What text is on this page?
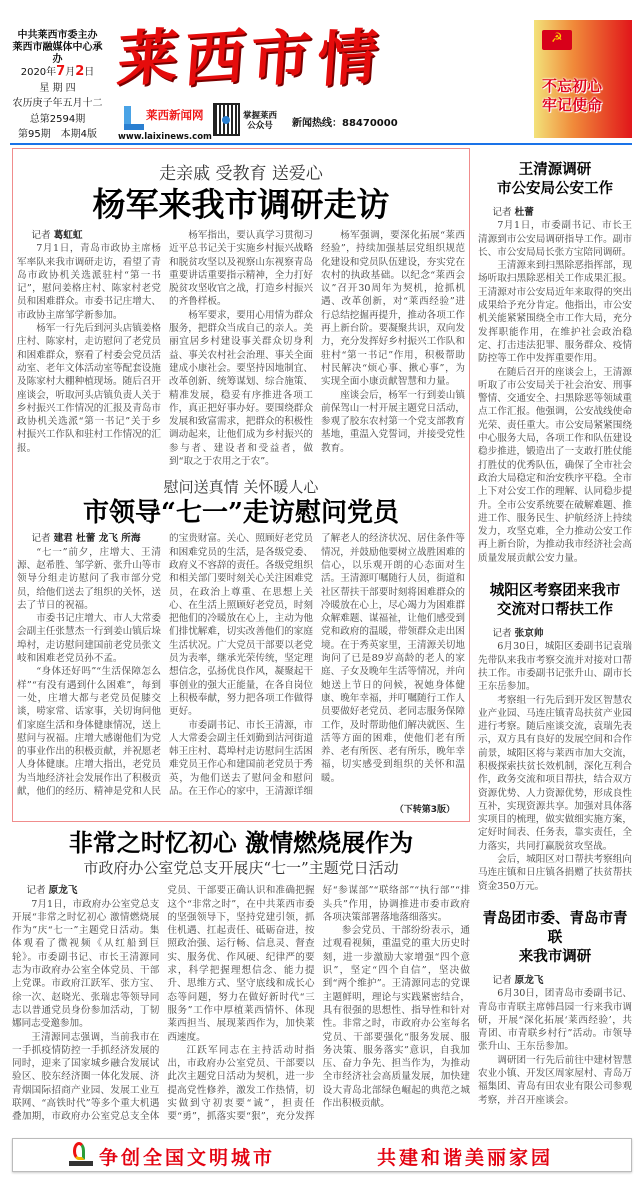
中共莱西市委主办
莱西市融媒体中心承办
2020年7月2日
星 期 四
农历庚子年五月十二
总第2594期
第95期　本期4版
莱 西 市 情
莱西新闻网
www.laixinews.com
掌握莱西
公众号	新闻热线：88470000
☭
不忘初心
牢记使命
走亲戚 受教育 送爱心
杨军来我市调研走访

记者 葛虹虹

7月1日，青岛市政协主席杨军率队来我市调研走访，看望了青岛市政协机关选派驻村“第一书记”，慰问姜格庄村、陈家村老党员和困难群众。市委书记庄增大、市政协主席邹学新参加。

杨军一行先后到河头店镇姜格庄村、陈家村，走访慰问了老党员和困难群众，察看了村委会党员活动室、老年文体活动室等配套设施及陈家村大棚种植现场。随后召开座谈会，听取河头店镇负责人关于乡村振兴工作情况的汇报及青岛市政协机关选派“第一书记”关于乡村振兴工作队和驻村工作情况的汇报。

杨军指出，要认真学习贯彻习近平总书记关于实施乡村振兴战略和脱贫攻坚以及视察山东视察青岛重要讲话重要指示精神，全力打好脱贫攻坚收官之战，打造乡村振兴的齐鲁样板。

杨军要求，要用心用情为群众服务，把群众当成自己的亲人。美丽宜居乡村建设事关群众切身利益、事关农村社会治理、事关全面建成小康社会。要坚持因地制宜、改革创新、统筹谋划、综合施策、精准发展，稳妥有序推进各项工作，真正把好事办好。要围绕群众发展和致富需求，把群众的积极性调动起来，让他们成为乡村振兴的参与者、建设者和受益者，做到“取之于农用之于农”。

杨军强调，要深化拓展“莱西经验”，持续加强基层党组织规范化建设和党员队伍建设，夯实党在农村的执政基础。以纪念“莱西会议”召开30周年为契机，抢抓机遇、改革创新，对“莱西经验”进行总结挖掘再提升，推动各项工作再上新台阶。要凝聚共识，双向发力，充分发挥好乡村振兴工作队和驻村“第一书记”作用，积极帮助村民解决“烦心事、揪心事”，为实现全面小康贡献智慧和力量。

座谈会后，杨军一行到姜山镇前保驾山一村开展主题党日活动，参观了胶东农村第一个党支部教育基地，重温入党誓词，并接受党性教育。

慰问送真情 关怀暖人心
市领导“七一”走访慰问党员

记者 建君 杜蕾 龙飞 所海

“七一”前夕，庄增大、王清源、赵希胜、邹学新、张升山等市领导分组走访慰问了我市部分党员，给他们送去了组织的关怀，送去了节日的祝福。

市委书记庄增大、市人大常委会副主任张慧杰一行到姜山镇后垛埠村，走访慰问建国前老党员张文岐和困难老党员孙不孟。

“身体还好吗”“生活保障怎么样”“有没有遇到什么困难”，每到一处，庄增大都与老党员促膝交谈，唠家常、话家事，关切询问他们家庭生活和身体健康情况，送上慰问与祝福。庄增大感谢他们为党的事业作出的积极贡献，并祝愿老人身体健康。庄增大指出，老党员为当地经济社会发展作出了积极贡献，他们的经历、精神是党和人民的宝贵财富。关心、照顾好老党员和困难党员的生活，是各级党委、政府义不容辞的责任。各级党组织和相关部门要时刻关心关注困难党员，在政治上尊重、在思想上关心、在生活上照顾好老党员，时刻把他们的冷暖放在心上，主动为他们排忧解难，切实改善他们的家庭生活状况。广大党员干部要以老党员为表率，继承光荣传统，坚定理想信念，弘扬优良作风，凝聚起干事创业的强大正能量，在各自岗位上积极奉献，努力把各项工作做得更好。

市委副书记、市长王清源，市人大常委会副主任刘勤到沽河街道韩王庄村、葛埠村走访慰问生活困难党员王作心和建国前老党员于秀英，为他们送去了慰问金和慰问品。在王作心的家中，王清源详细了解老人的经济状况、居住条件等情况，并鼓励他要树立战胜困难的信心，以乐观开朗的心态面对生活。王清源叮嘱随行人员，街道和社区帮扶干部要时刻将困难群众的冷暖放在心上，尽心竭力为困难群众解难题、谋福祉，让他们感受到党和政府的温暖，带领群众走出困境。在于秀英家里，王清源关切地询问了已是89岁高龄的老人的家庭、子女及晚年生活等情况，并向她送上节日的问候，祝她身体健康、晚年幸福，并叮嘱随行工作人员要做好老党员、老同志服务保障工作，及时帮助他们解决就医、生活等方面的困难，使他们老有所养、老有所医、老有所乐，晚年幸福，切实感受到组织的关怀和温暖。

（下转第3版）
非常之时忆初心 激情燃烧展作为
市政府办公室党总支开展庆“七一”主题党日活动

记者 原龙飞

7月1日，市政府办公室党总支开展“非常之时忆初心 激情燃烧展作为”庆“七一”主题党日活动。集体观看了微视频《从红船到巨轮》。市委副书记、市长王清源同志为市政府办公室全体党员、干部上党课。市政府江跃军、张方宝、徐一次、赵晓光、张瑞忠等领导同志以普通党员身份参加活动，丁韧娜同志受邀参加。

王清源同志强调，当前我市在一手抓疫情防控一手抓经济发展的同时，迎来了国家城乡融合发展试验区、胶东经济圈一体化发展、济青烟国际招商产业园、发展工业互联网、“高铁时代”等多个重大机遇叠加期，市政府办公室党总支全体党员、干部要正确认识和准确把握这个“非常之时”，在中共莱西市委的坚强领导下，坚持党建引领，抓住机遇、扛起责任、砥砺奋进，按照政治强、运行畅、信息灵、督查实、服务优、作风硬、纪律严的要求，科学把握理想信念、能力提升、思维方式、坚守底线和成长心态等问题，努力在做好新时代“三服务”工作中厚植莱西情怀、体现莱西担当、展现莱西作为，加快莱西速度。

江跃军同志在主持活动时指出，市政府办公室党员、干部要以此次主题党日活动为契机，进一步提高党性修养，激发工作热情，切实做到守初衷要“诚”，担责任要“勇”，抓落实要“狠”，充分发挥好“参谋部”“联络部”“执行部”“排头兵”作用，协调推进市委市政府各项决策部署落地落细落实。

参会党员、干部纷纷表示，通过观看视频，重温党的重大历史时刻，进一步激励大家增强“四个意识”，坚定“四个自信”，坚决做到“两个维护”。王清源同志的党课主题鲜明，理论与实践紧密结合，具有很强的思想性、指导性和针对性。非常之时，市政府办公室每名党员、干部要强化“服务发展、服务决策、服务落实”意识，自我加压、奋力争先、担当作为，为推动全市经济社会高质量发展，加快建设大青岛北部绿色崛起的典范之城作出积极贡献。

王清源调研
市公安局公安工作

记者 杜蕾

7月1日，市委副书记、市长王清源到市公安局调研指导工作。副市长、市公安局局长张方宝陪同调研。

王清源来到扫黑除恶指挥部，现场听取扫黑除恶相关工作成果汇报。王清源对市公安局近年来取得的突出成果给予充分肯定。他指出，市公安机关能紧紧围绕全市工作大局，充分发挥职能作用，在维护社会政治稳定、打击违法犯罪、服务群众、疫情防控等工作中发挥重要作用。

在随后召开的座谈会上，王清源听取了市公安局关于社会治安、刑事警情、交通安全、扫黑除恶等领域重点工作汇报。他强调，公安战线使命光荣、责任重大。市公安局紧紧围绕中心服务大局，各项工作和队伍建设稳步推进，锻造出了一支敢打胜仗能打胜仗的优秀队伍，确保了全市社会政治大局稳定和治安秩序平稳。全市上下对公安工作的理解、认同稳步提升。全市公安系统要在破解难题、推进工作、服务民生、护航经济上持续发力，攻坚克难，全力推动公安工作再上新台阶，为推动我市经济社会高质量发展贡献公安力量。

城阳区考察团来我市
交流对口帮扶工作

记者 张京帅

6月30日，城阳区委副书记袁瑞先带队来我市考察交流并对接对口帮扶工作。市委副书记张升山、副市长王东岳参加。

考察组一行先后到开发区智慧农业产业园、马连庄镇青岛扶贫产业园进行考察。随后座谈交流，袁瑞先表示，双方具有良好的发展空间和合作前景，城阳区将与莱西市加大交流，积极探索扶贫长效机制，深化互利合作，政务交流和项目帮扶，结合双方资源优势、人力资源优势，形成良性互补，实现资源共享。加强对具体落实项目的梳理，做实做细实施方案，定好时间表、任务表，靠实责任，全力落实，共同打赢脱贫攻坚战。

会后，城阳区对口帮扶考察组向马连庄镇和日庄镇各捐赠了扶贫帮扶资金350万元。

青岛团市委、青岛市青联
来我市调研

记者 原龙飞

6月30日，团青岛市委副书记、青岛市青联主席韩昌园一行来我市调研，开展“深化拓展‘莱西经验’，共青团、市青联乡村行”活动。市领导张升山、王东岳参加。

调研团一行先后前往中建材智慧农业小镇、开发区周家屋村、青岛万福集团、青岛有田农业有限公司参观考察，并召开座谈会。

争创全国文明城市	共建和谐美丽家园
